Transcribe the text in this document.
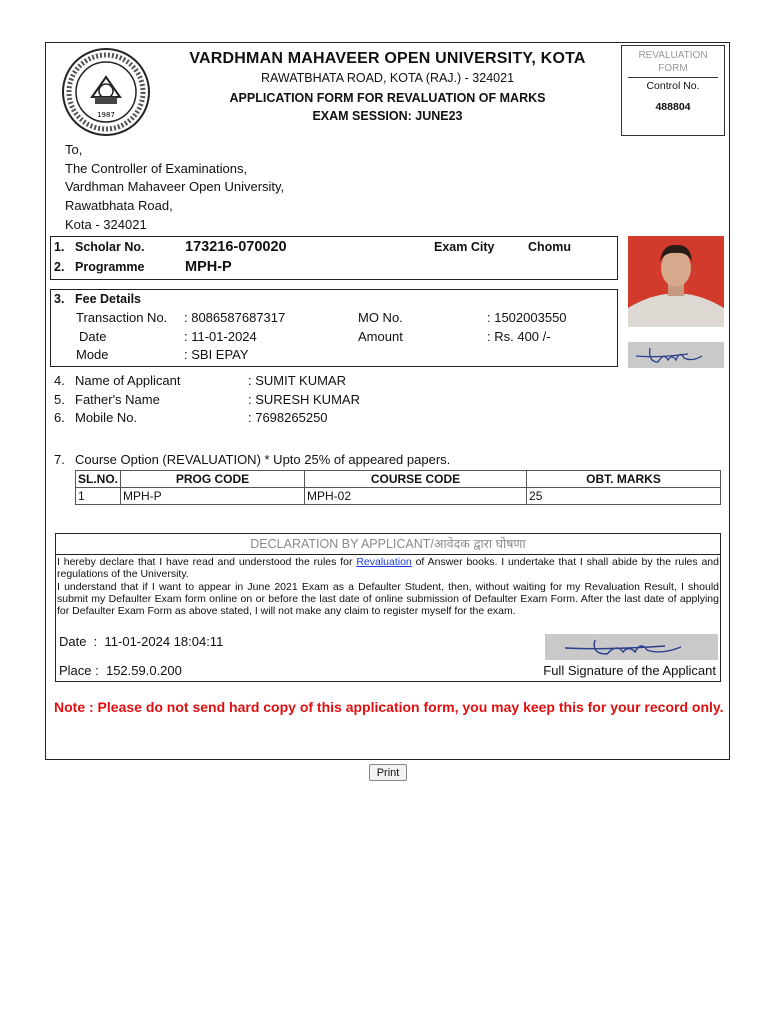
1987
VARDHMAN MAHAVEER OPEN UNIVERSITY, KOTA
RAWATBHATA ROAD, KOTA (RAJ.) - 324021
APPLICATION FORM FOR REVALUATION OF MARKS
EXAM SESSION: JUNE23
REVALUATION FORM
Control No.
488804
To,
The Controller of Examinations,
Vardhman Mahaveer Open University,
Rawatbhata Road,
Kota - 324021
1. Scholar No.	173216-070020	Exam City	Chomu
2. Programme	MPH-P
3. Fee Details
Transaction No. : 8086587687317	MO No.	: 1502003550
Date	: 11-01-2024	Amount	: Rs. 400 /-
Mode	: SBI EPAY
4. Name of Applicant	: SUMIT KUMAR
5. Father's Name	: SURESH KUMAR
6. Mobile No.	: 7698265250
7. Course Option (REVALUATION) * Upto 25% of appeared papers.
SL.NO.	PROG CODE	COURSE CODE	OBT. MARKS
1	MPH-P	MPH-02	25
DECLARATION BY APPLICANT/आवेदक द्वारा घोषणा
I hereby declare that I have read and understood the rules for Revaluation of Answer books. I undertake that I shall abide by the rules and regulations of the University.
I understand that if I want to appear in June 2021 Exam as a Defaulter Student, then, without waiting for my Revaluation Result, I should submit my Defaulter Exam form online on or before the last date of online submission of Defaulter Exam Form. After the last date of applying for Defaulter Exam Form as above stated, I will not make any claim to register myself for the exam.
Date  :  11-01-2024 18:04:11
Place :  152.59.0.200	Full Signature of the Applicant
Note : Please do not send hard copy of this application form, you may keep this for your record only.
Print
